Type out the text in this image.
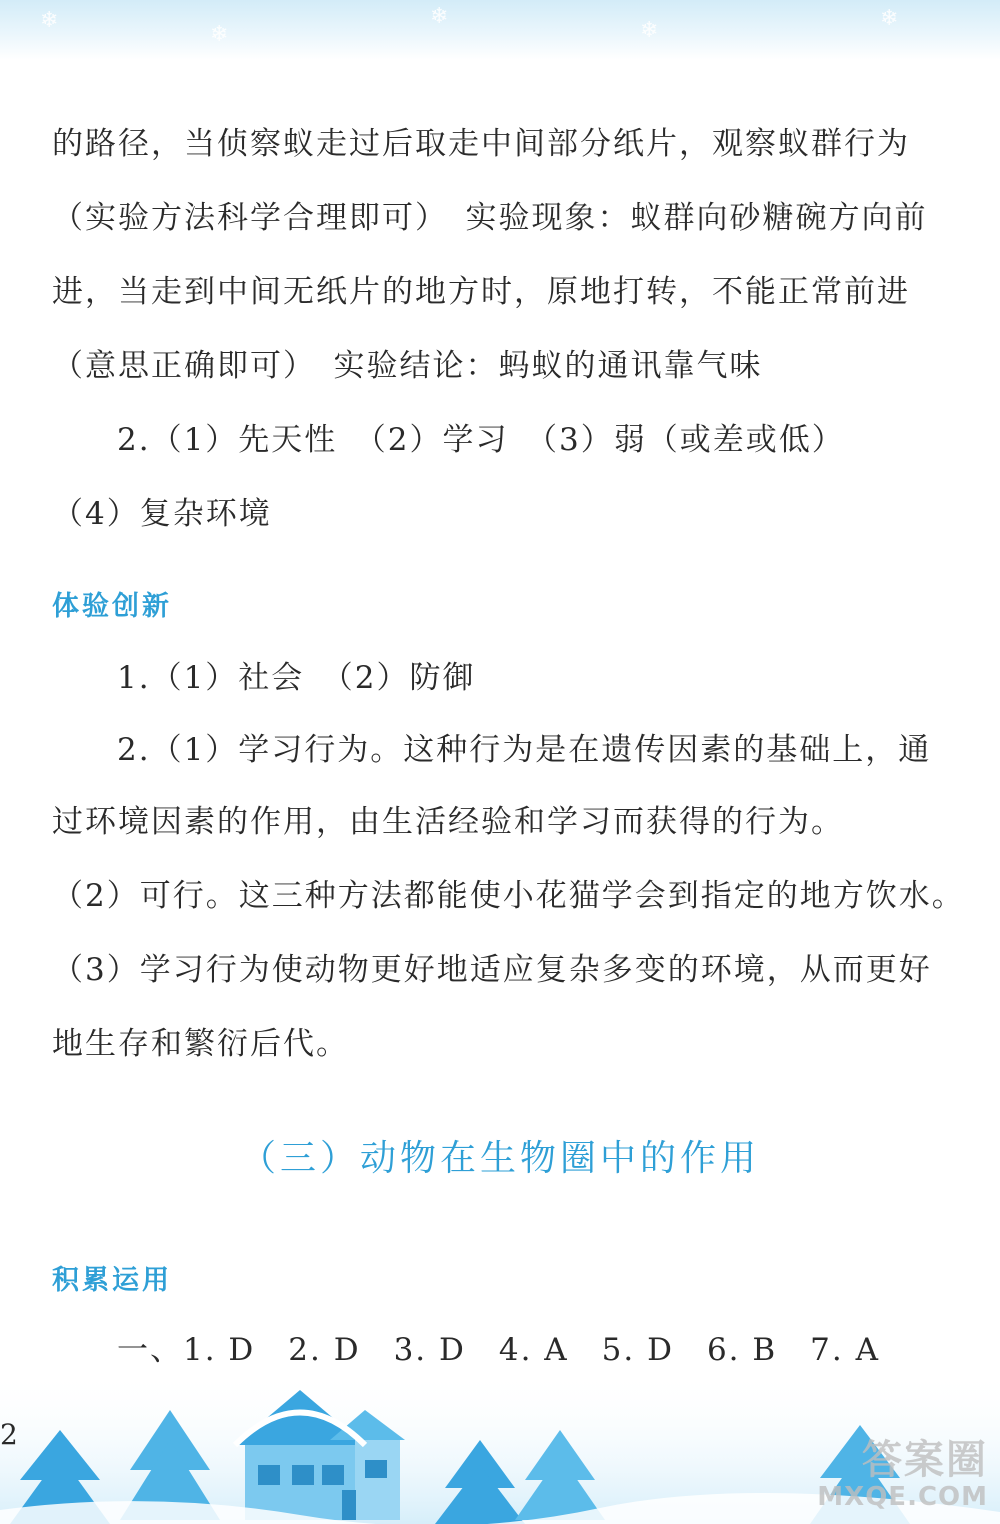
❄
❄
❄
❄	❄
的路径，当侦察蚁走过后取走中间部分纸片，观察蚁群行为
（实验方法科学合理即可）　实验现象：蚁群向砂糖碗方向前
进，当走到中间无纸片的地方时，原地打转，不能正常前进
（意思正确即可）　实验结论：蚂蚁的通讯靠气味
2.（1）先天性　（2）学习　（3）弱（或差或低）
（4）复杂环境
体验创新
1.（1）社会　（2）防御
2.（1）学习行为。这种行为是在遗传因素的基础上，通
过环境因素的作用，由生活经验和学习而获得的行为。
（2）可行。这三种方法都能使小花猫学会到指定的地方饮水。
（3）学习行为使动物更好地适应复杂多变的环境，从而更好
地生存和繁衍后代。
（三）动物在生物圈中的作用
积累运用
一、1. D　2. D　3. D　4. A　5. D　6. B　7. A
2
答案圈
MXQE.COM
